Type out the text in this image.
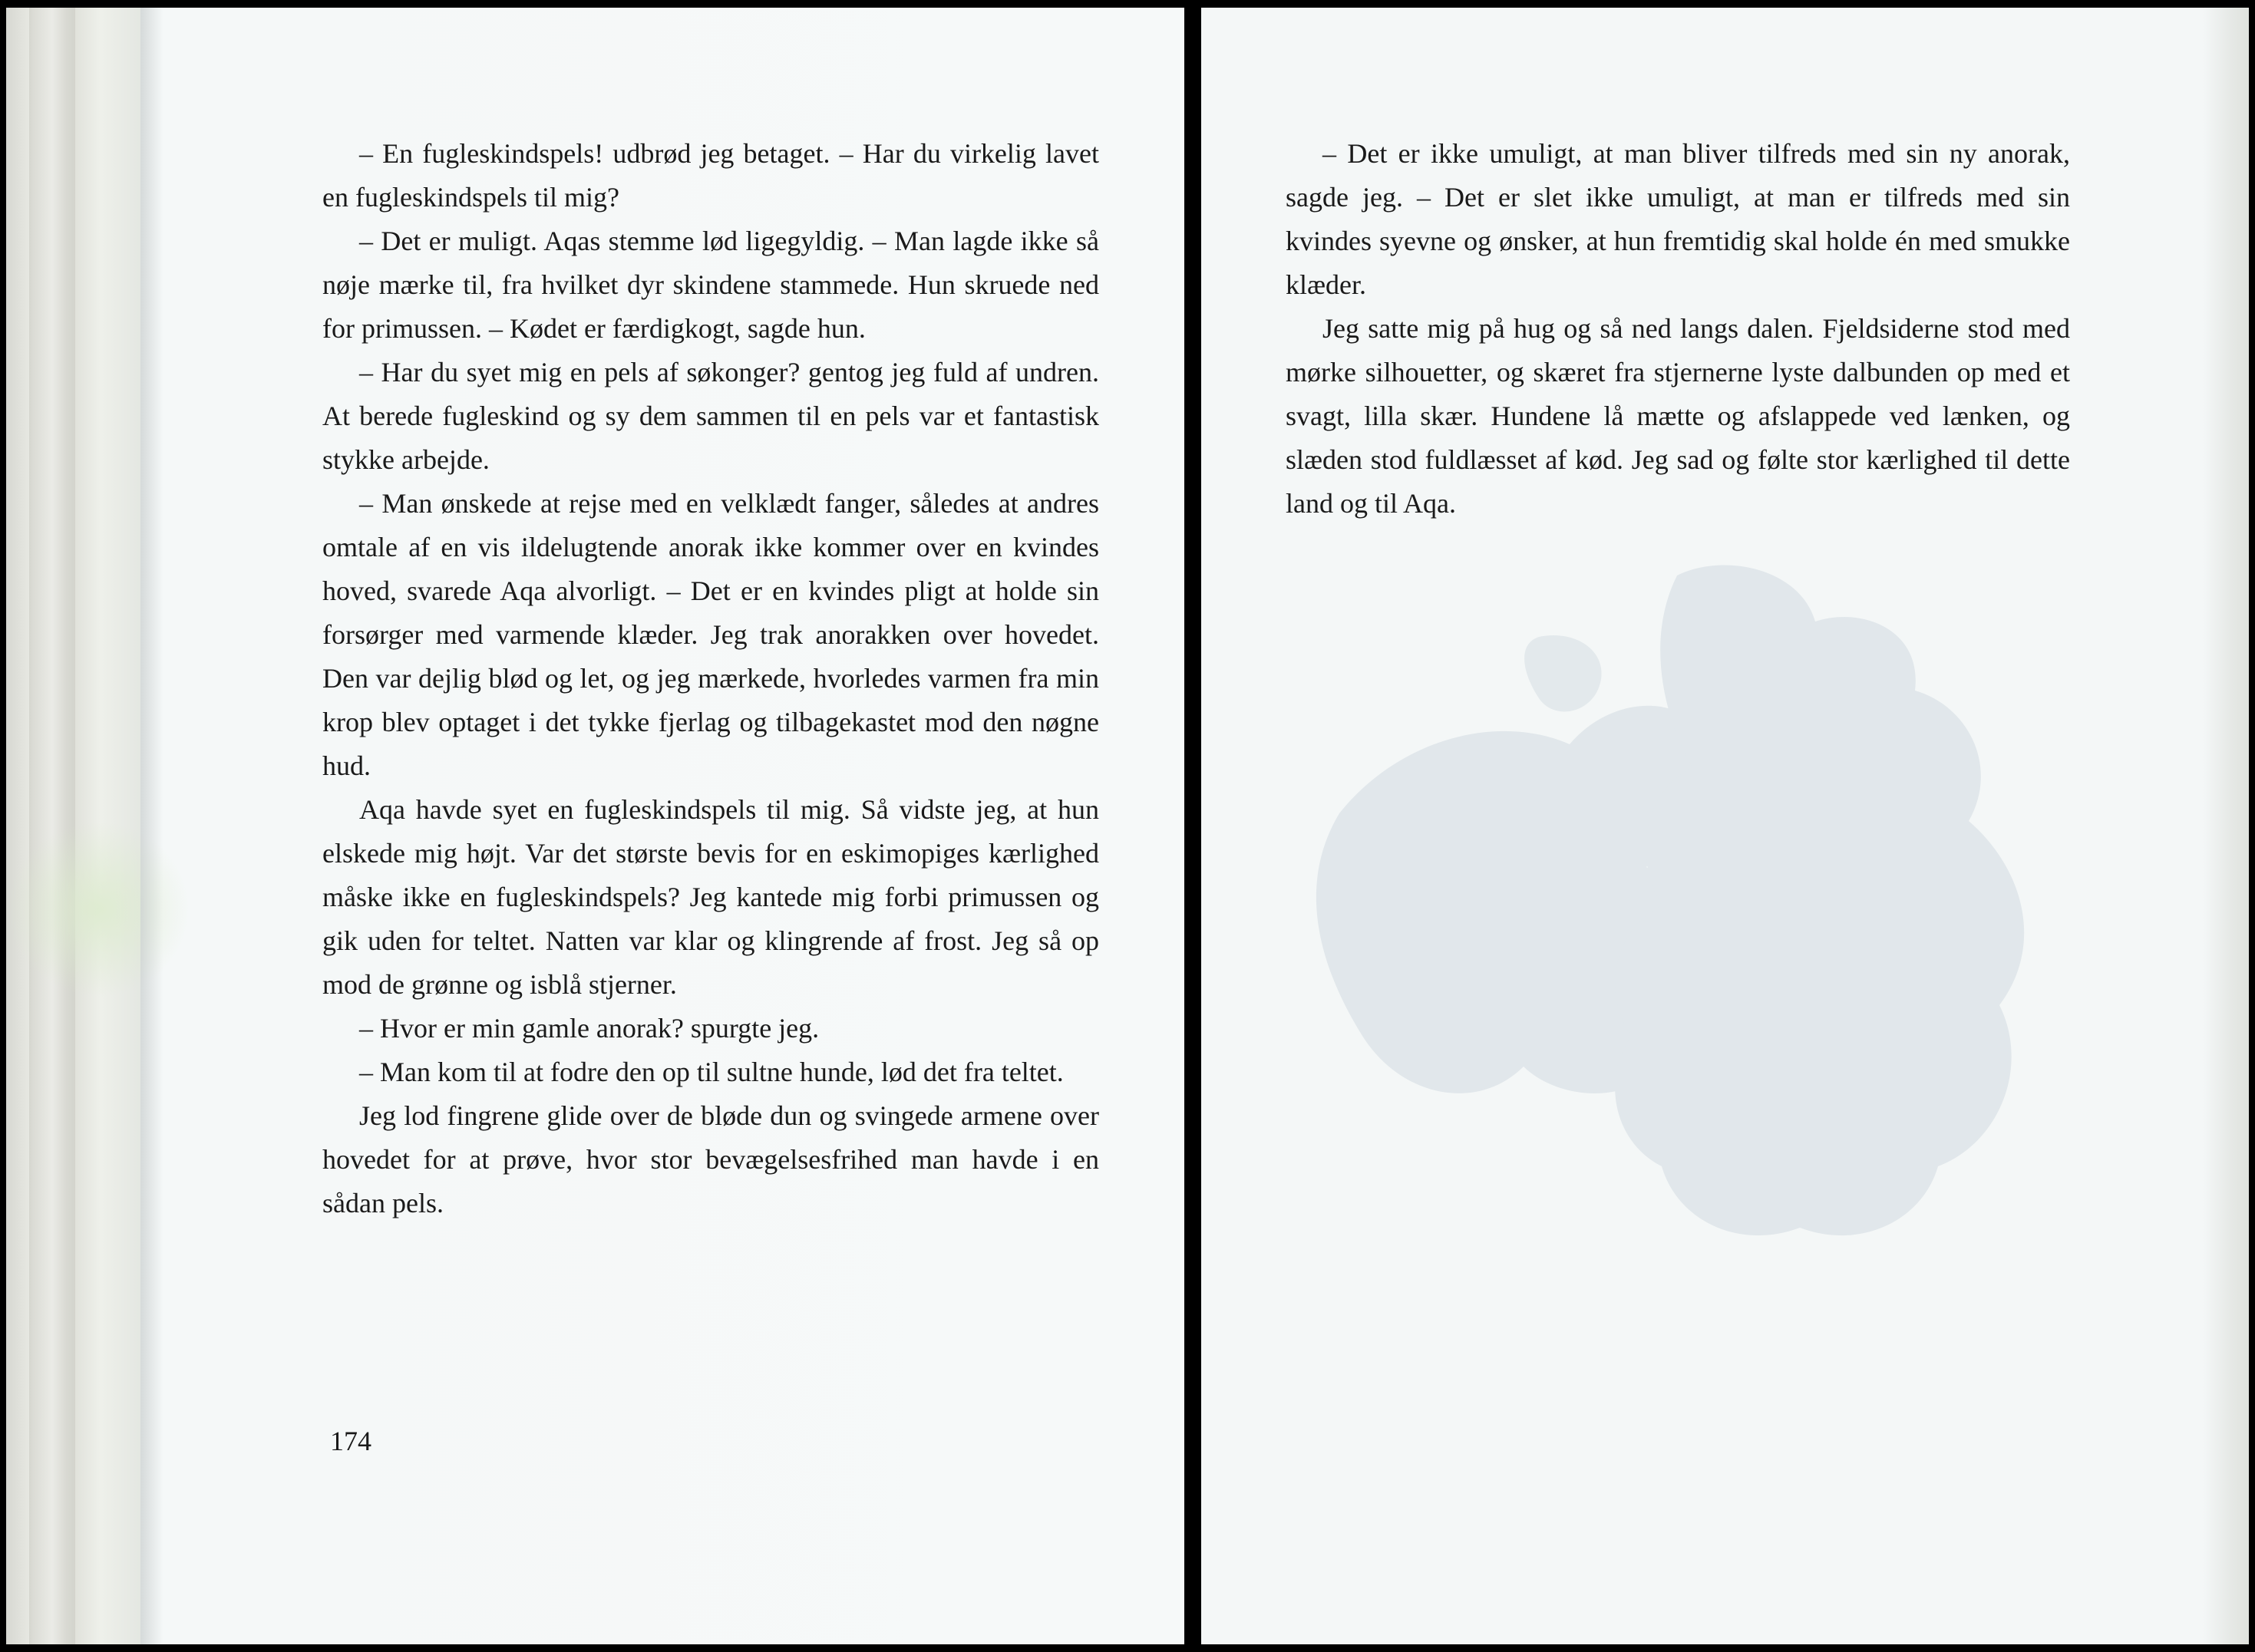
– En fugleskindspels! udbrød jeg betaget. – Har du virkelig lavet en fugleskindspels til mig?

– Det er muligt. Aqas stemme lød ligegyldig. – Man lagde ikke så nøje mærke til, fra hvilket dyr skindene stammede. Hun skruede ned for primussen. – Kødet er færdigkogt, sagde hun.

– Har du syet mig en pels af søkonger? gentog jeg fuld af undren. At berede fugleskind og sy dem sammen til en pels var et fantastisk stykke arbejde.

– Man ønskede at rejse med en velklædt fanger, således at andres omtale af en vis ildelugtende anorak ikke kommer over en kvindes hoved, svarede Aqa alvorligt. – Det er en kvindes pligt at holde sin forsørger med varmende klæder. Jeg trak anorakken over hovedet. Den var dejlig blød og let, og jeg mærkede, hvorledes varmen fra min krop blev optaget i det tykke fjerlag og tilbagekastet mod den nøgne hud.

Aqa havde syet en fugleskindspels til mig. Så vidste jeg, at hun elskede mig højt. Var det største bevis for en eskimopiges kærlighed måske ikke en fugleskindspels? Jeg kantede mig forbi primussen og gik uden for teltet. Natten var klar og klingrende af frost. Jeg så op mod de grønne og isblå stjerner.

– Hvor er min gamle anorak? spurgte jeg.

– Man kom til at fodre den op til sultne hunde, lød det fra teltet.

Jeg lod fingrene glide over de bløde dun og svingede armene over hovedet for at prøve, hvor stor bevægelsesfrihed man havde i en sådan pels.

174

– Det er ikke umuligt, at man bliver tilfreds med sin ny anorak, sagde jeg. – Det er slet ikke umuligt, at man er tilfreds med sin kvindes syevne og ønsker, at hun fremtidig skal holde én med smukke klæder.

Jeg satte mig på hug og så ned langs dalen. Fjeldsiderne stod med mørke silhouetter, og skæret fra stjernerne lyste dalbunden op med et svagt, lilla skær. Hundene lå mætte og afslappede ved lænken, og slæden stod fuldlæsset af kød. Jeg sad og følte stor kærlighed til dette land og til Aqa.
